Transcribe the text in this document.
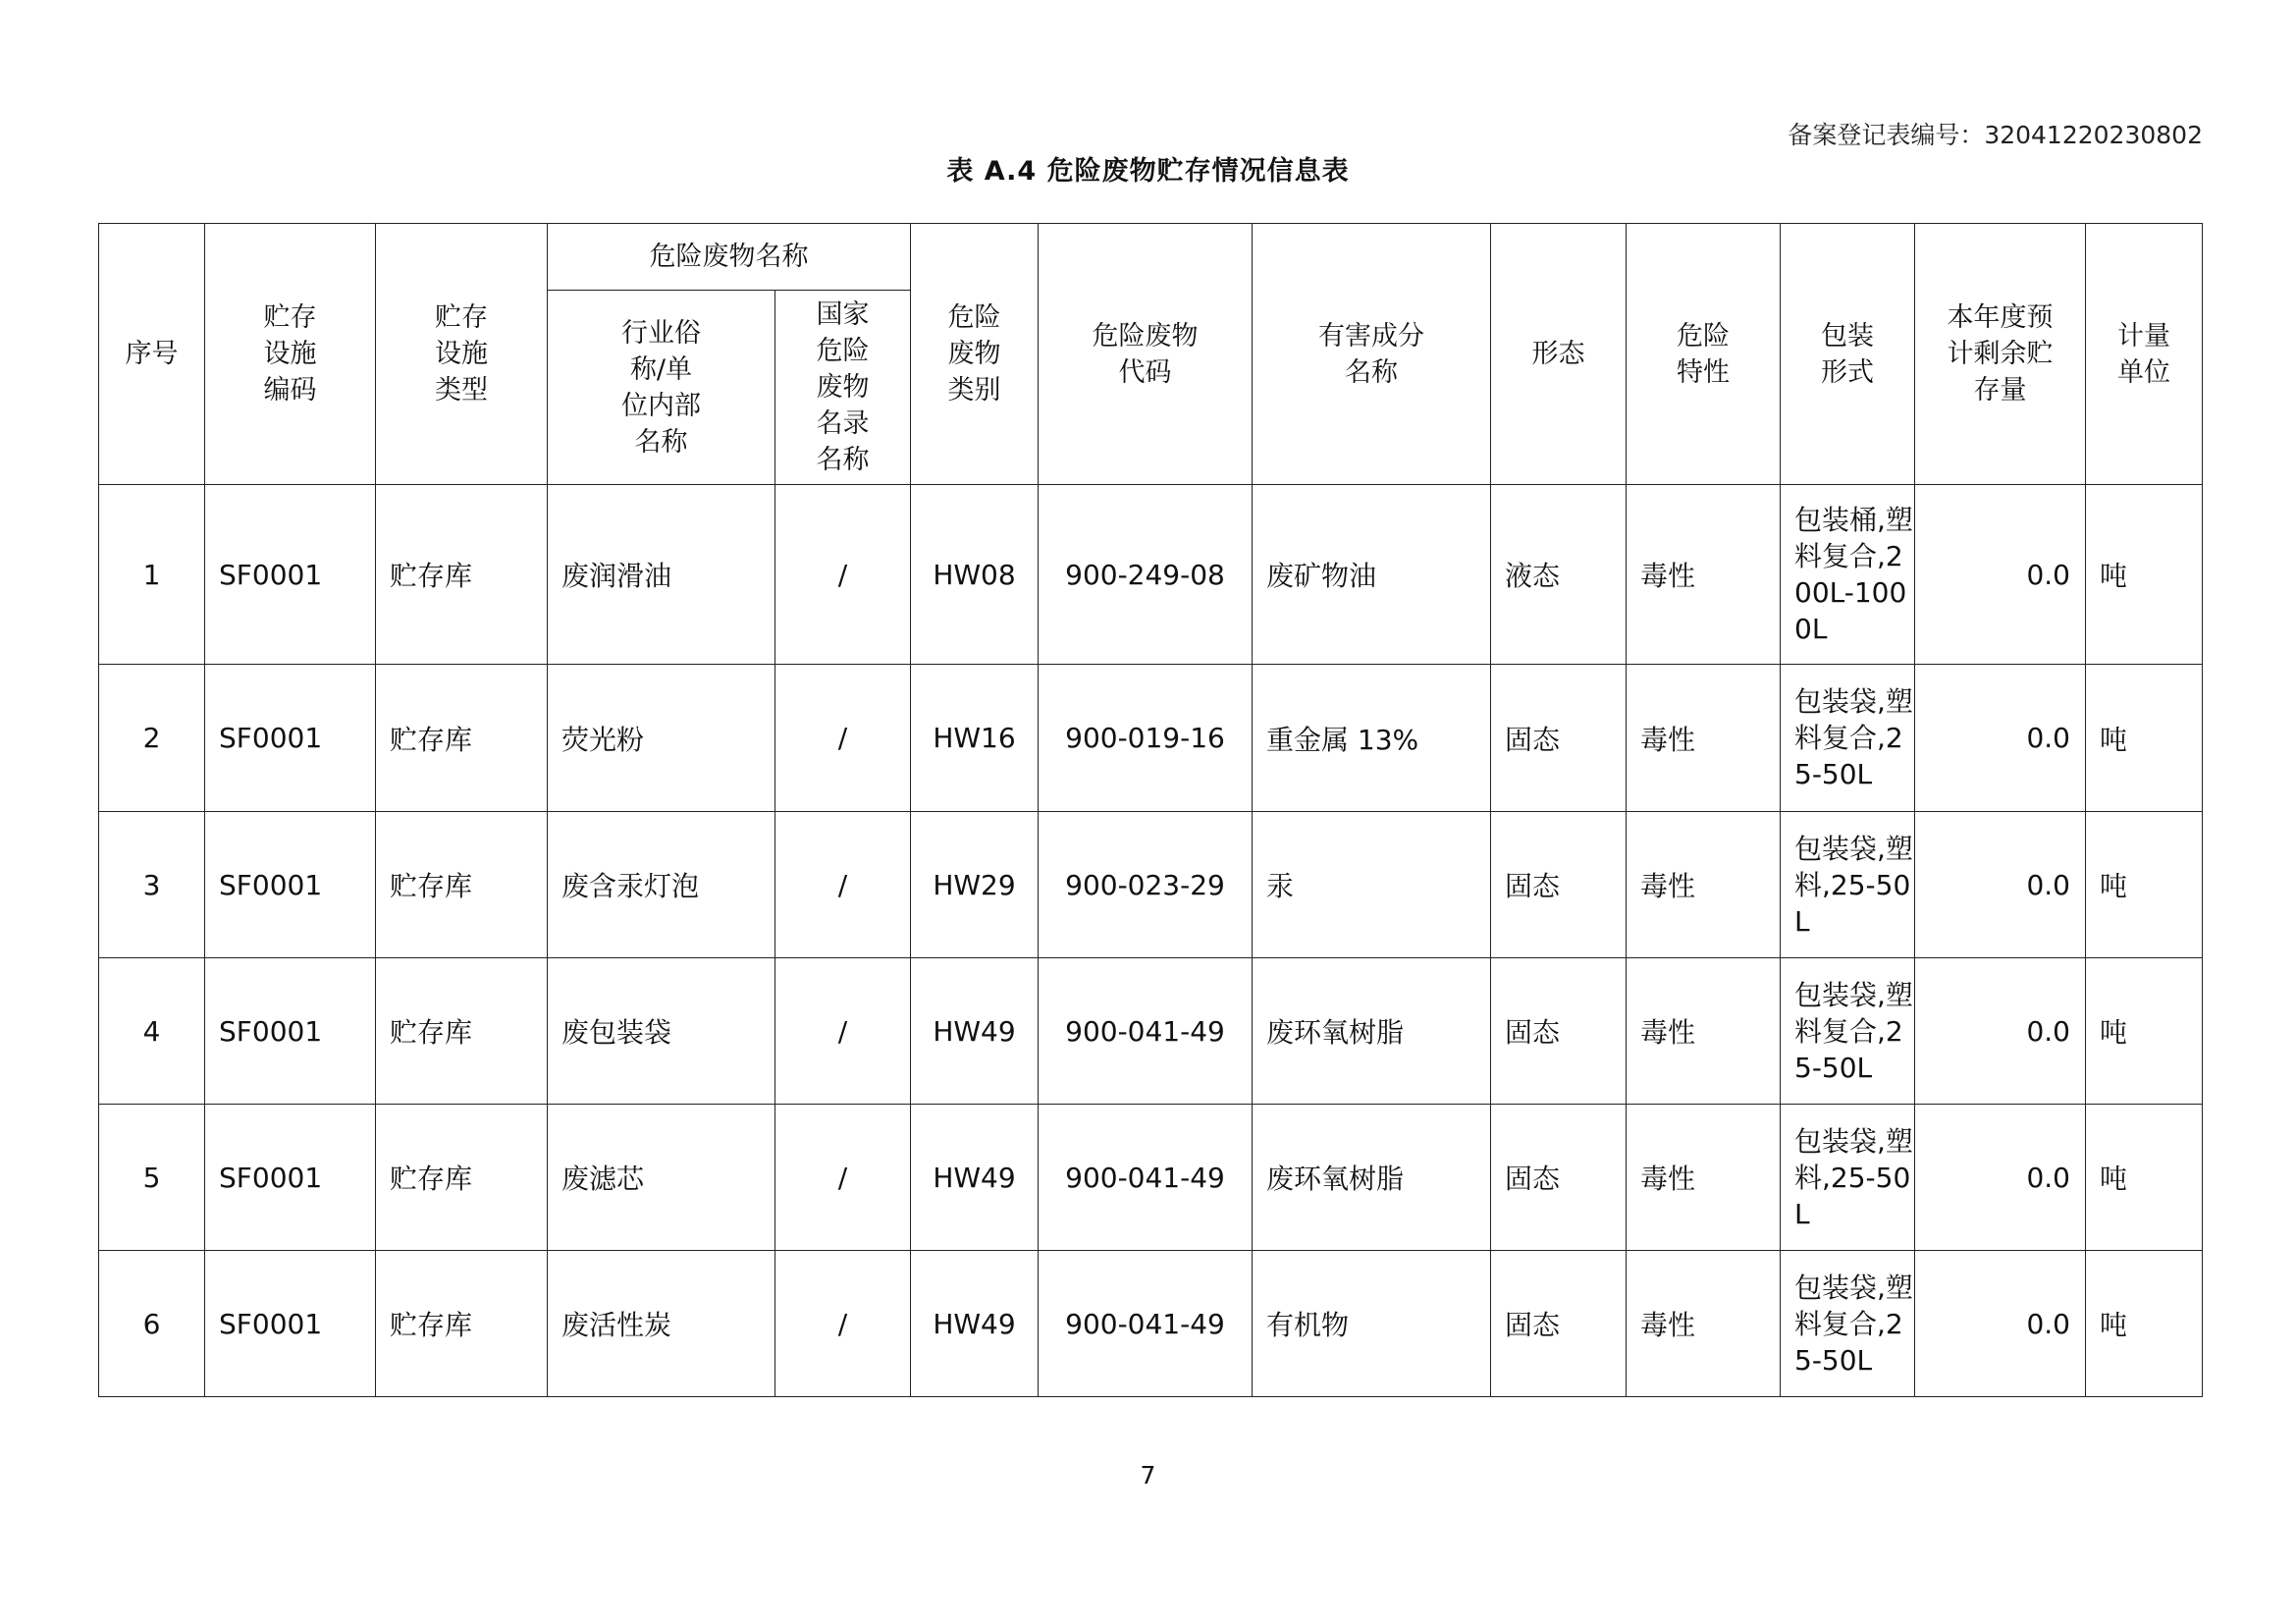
备案登记表编号：32041220230802
表 A.4 危险废物贮存情况信息表
序号	贮存设施编码	贮存设施类型	危险废物名称		危险废物类别	危险废物代码	有害成分名称	形态	危险特性	包装形式	本年度预计剩余贮存量	计量单位

			行业俗称/单位内部名称	国家危险废物名录名称								

1	SF0001	贮存库	废润滑油	/	HW08	900-249-08	废矿物油	液态	毒性	包装桶,塑料复合,200L-1000L	0.0	吨
2	SF0001	贮存库	荧光粉	/	HW16	900-019-16	重金属 13%	固态	毒性	包装袋,塑料复合,25-50L	0.0	吨
3	SF0001	贮存库	废含汞灯泡	/	HW29	900-023-29	汞	固态	毒性	包装袋,塑料,25-50L	0.0	吨
4	SF0001	贮存库	废包装袋	/	HW49	900-041-49	废环氧树脂	固态	毒性	包装袋,塑料复合,25-50L	0.0	吨
5	SF0001	贮存库	废滤芯	/	HW49	900-041-49	废环氧树脂	固态	毒性	包装袋,塑料,25-50L	0.0	吨
6	SF0001	贮存库	废活性炭	/	HW49	900-041-49	有机物	固态	毒性	包装袋,塑料复合,25-50L	0.0	吨
7
